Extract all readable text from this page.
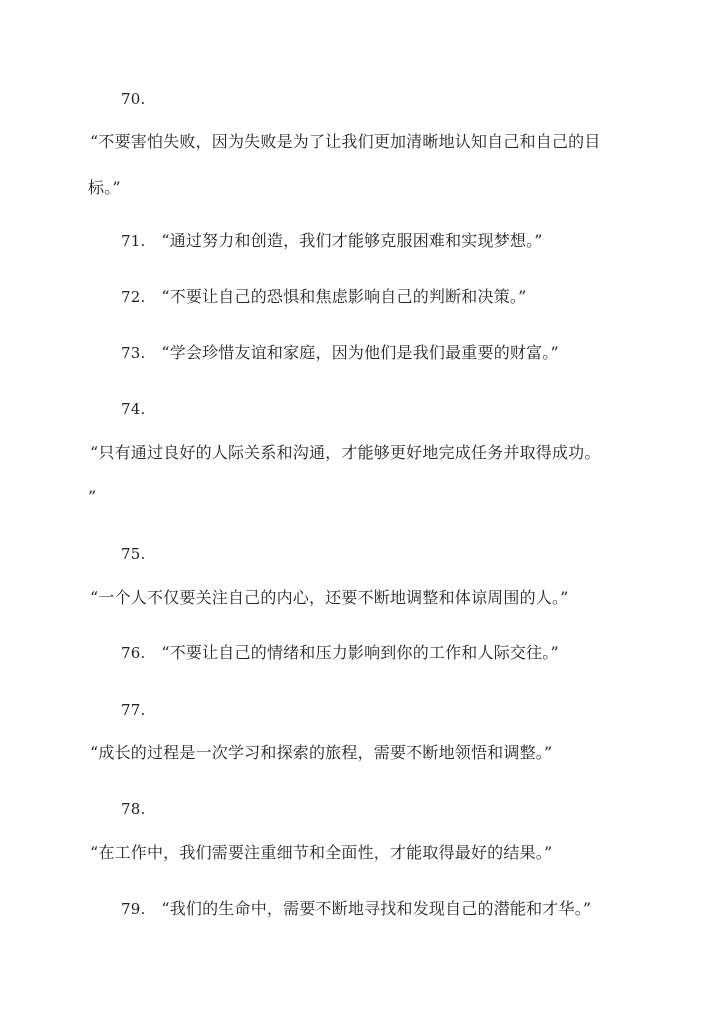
70.
“不要害怕失败，因为失败是为了让我们更加清晰地认知自己和自己的目
标。”
71. “通过努力和创造，我们才能够克服困难和实现梦想。”
72. “不要让自己的恐惧和焦虑影响自己的判断和决策。”
73. “学会珍惜友谊和家庭，因为他们是我们最重要的财富。”
74.
“只有通过良好的人际关系和沟通，才能够更好地完成任务并取得成功。
”
75.
“一个人不仅要关注自己的内心，还要不断地调整和体谅周围的人。”
76. “不要让自己的情绪和压力影响到你的工作和人际交往。”
77.
“成长的过程是一次学习和探索的旅程，需要不断地领悟和调整。”
78.
“在工作中，我们需要注重细节和全面性，才能取得最好的结果。”
79. “我们的生命中，需要不断地寻找和发现自己的潜能和才华。”
